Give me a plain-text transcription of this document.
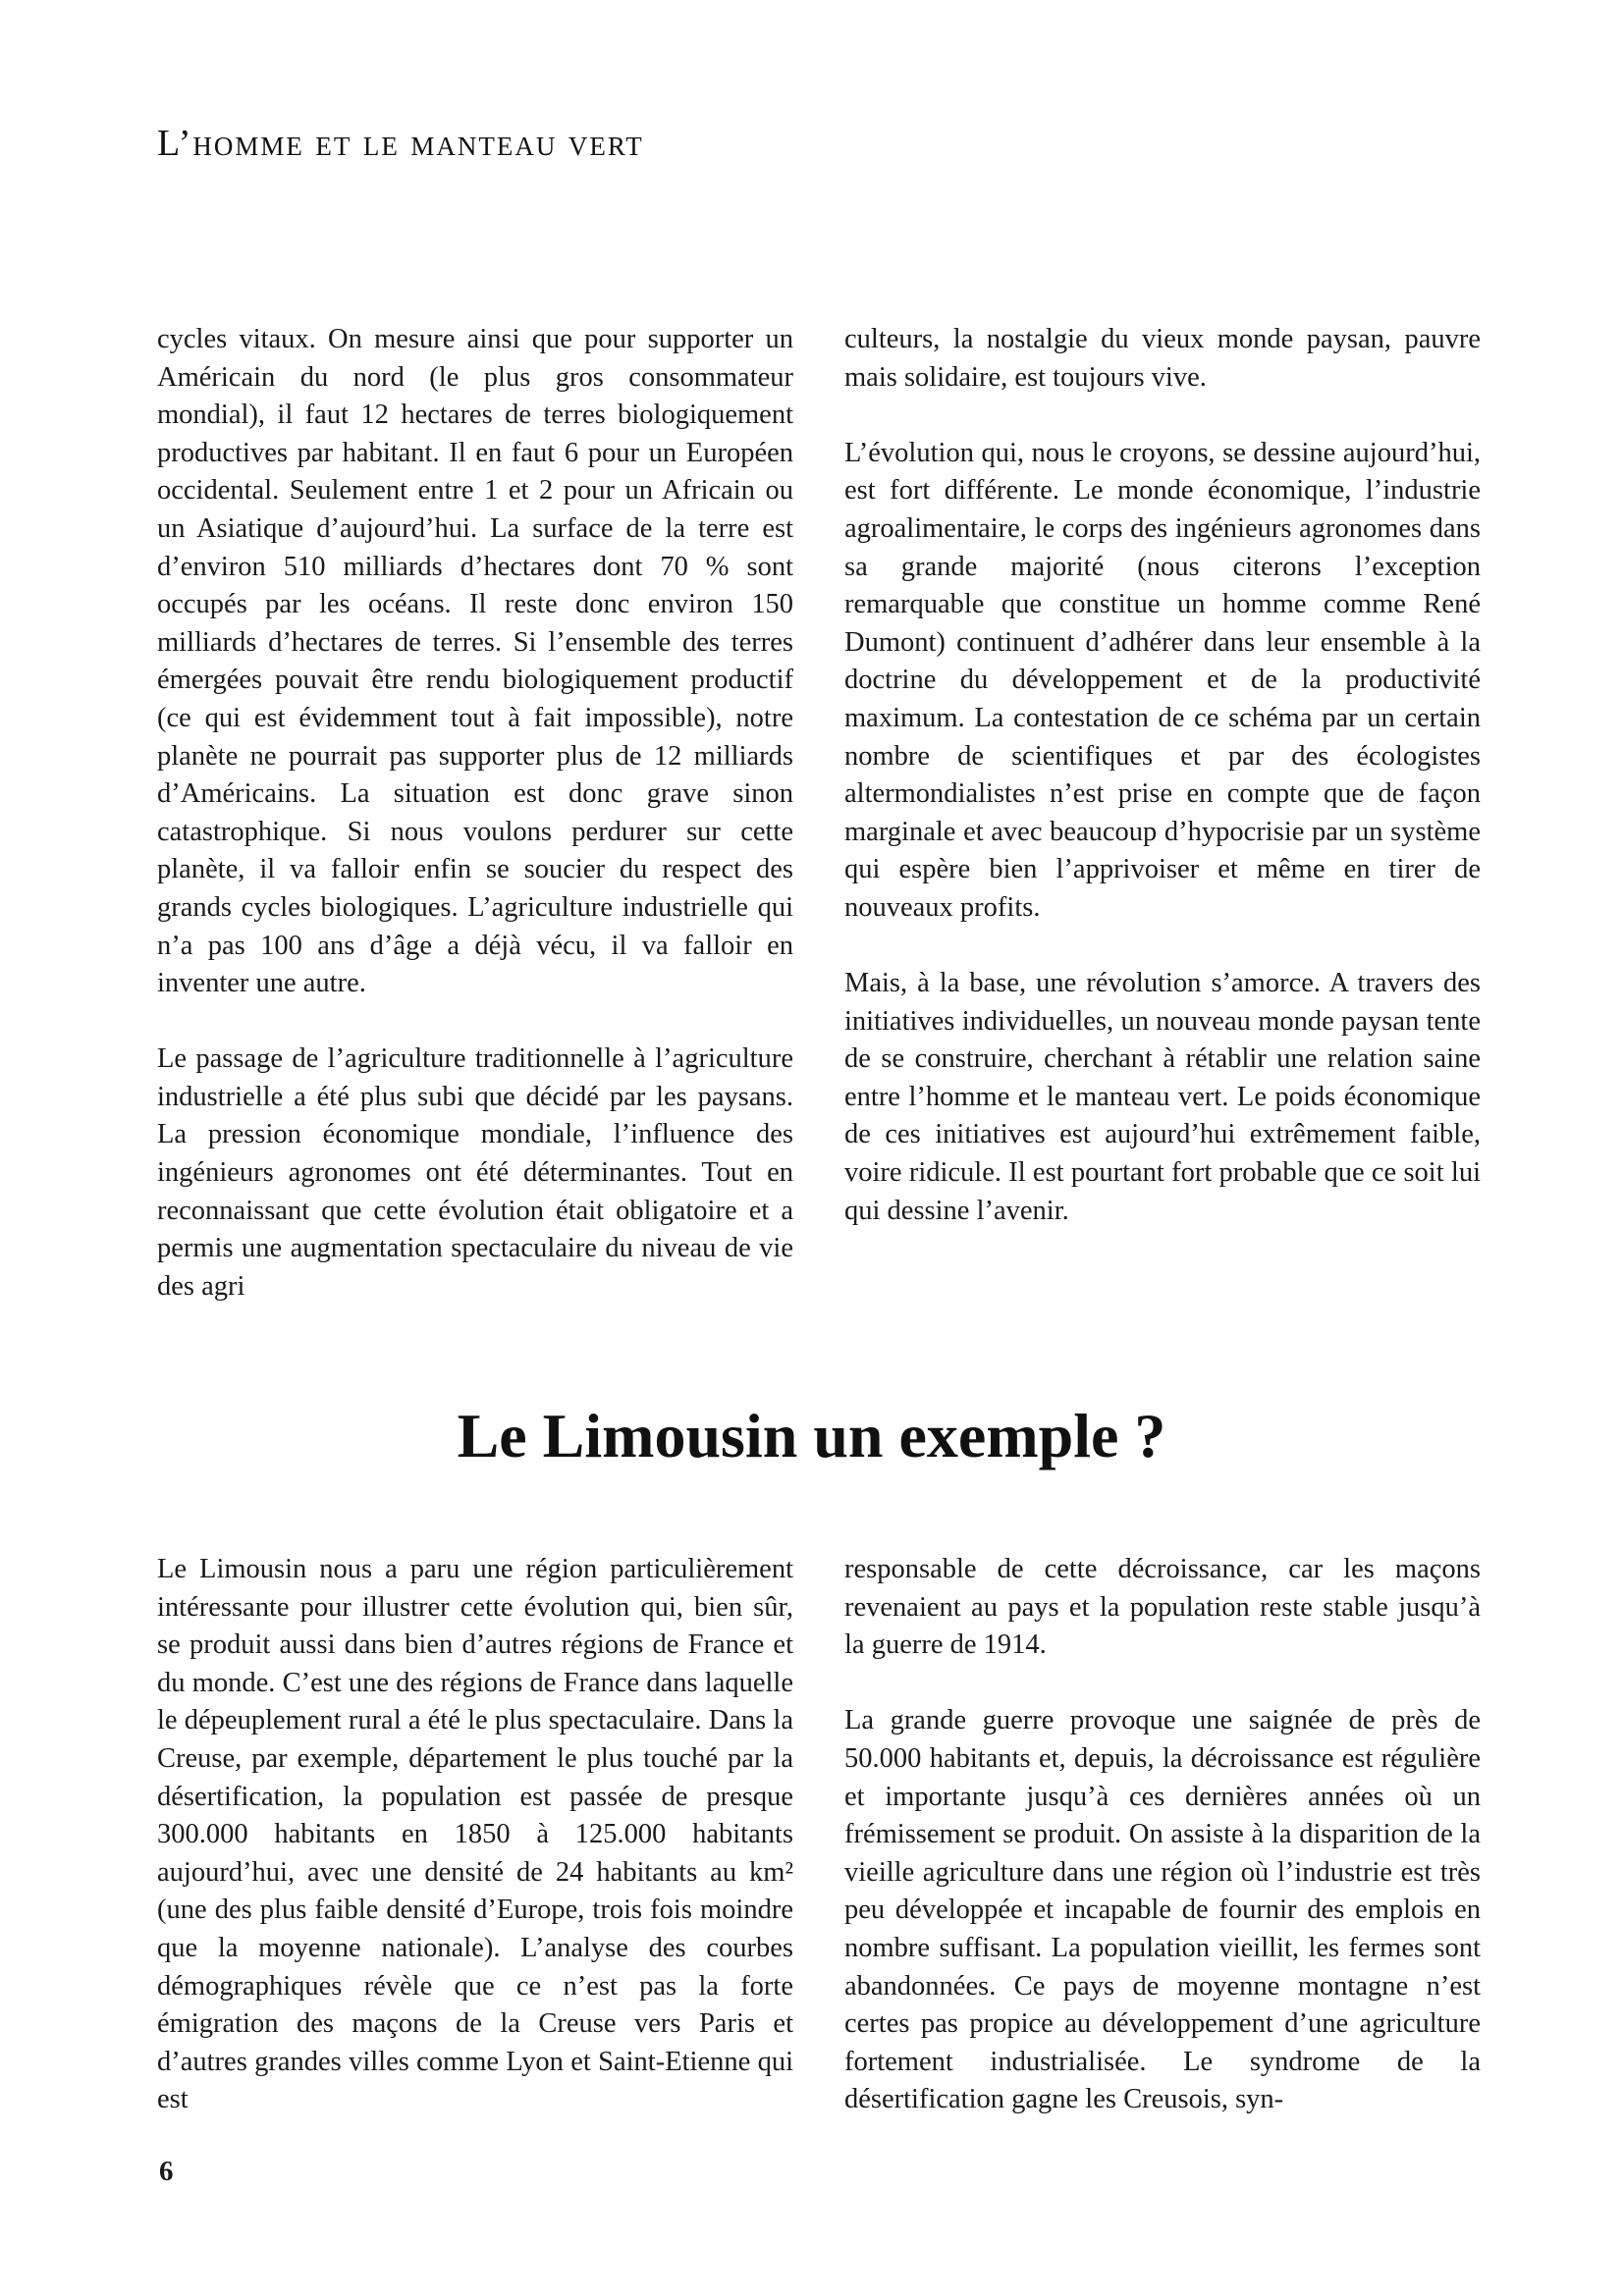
L’homme et le manteau vert

cycles vitaux. On mesure ainsi que pour supporter un Américain du nord (le plus gros consommateur mondial), il faut 12 hectares de terres biologiquement productives par habitant. Il en faut 6 pour un Européen occidental. Seulement entre 1 et 2 pour un Africain ou un Asiatique d’aujourd’hui. La surface de la terre est d’environ 510 milliards d’hectares dont 70 % sont occupés par les océans. Il reste donc environ 150 milliards d’hectares de terres. Si l’ensemble des terres émergées pouvait être rendu biologiquement productif (ce qui est évidemment tout à fait impossible), notre planète ne pourrait pas supporter plus de 12 milliards d’Américains. La situation est donc grave sinon catastrophique. Si nous voulons perdurer sur cette planète, il va falloir enfin se soucier du respect des grands cycles biologiques. L’agriculture industrielle qui n’a pas 100 ans d’âge a déjà vécu, il va falloir en inventer une autre.

Le passage de l’agriculture traditionnelle à l’agriculture industrielle a été plus subi que décidé par les paysans. La pression économique mondiale, l’influence des ingénieurs agronomes ont été déterminantes. Tout en reconnaissant que cette évolution était obligatoire et a permis une augmentation spectaculaire du niveau de vie des agri

culteurs, la nostalgie du vieux monde paysan, pauvre mais solidaire, est toujours vive.

L’évolution qui, nous le croyons, se dessine aujourd’hui, est fort différente. Le monde économique, l’industrie agroalimentaire, le corps des ingénieurs agronomes dans sa grande majorité (nous citerons l’exception remarquable que constitue un homme comme René Dumont) continuent d’adhérer dans leur ensemble à la doctrine du développement et de la productivité maximum. La contestation de ce schéma par un certain nombre de scientifiques et par des écologistes altermondialistes n’est prise en compte que de façon marginale et avec beaucoup d’hypocrisie par un système qui espère bien l’apprivoiser et même en tirer de nouveaux profits.

Mais, à la base, une révolution s’amorce. A travers des initiatives individuelles, un nouveau monde paysan tente de se construire, cherchant à rétablir une relation saine entre l’homme et le manteau vert. Le poids économique de ces initiatives est aujourd’hui extrêmement faible, voire ridicule. Il est pourtant fort probable que ce soit lui qui dessine l’avenir.

Le Limousin un exemple ?

Le Limousin nous a paru une région particulièrement intéressante pour illustrer cette évolution qui, bien sûr, se produit aussi dans bien d’autres régions de France et du monde. C’est une des régions de France dans laquelle le dépeuplement rural a été le plus spectaculaire. Dans la Creuse, par exemple, département le plus touché par la désertification, la population est passée de presque 300.000 habitants en 1850 à 125.000 habitants aujourd’hui, avec une densité de 24 habitants au km² (une des plus faible densité d’Europe, trois fois moindre que la moyenne nationale). L’analyse des courbes démographiques révèle que ce n’est pas la forte émigration des maçons de la Creuse vers Paris et d’autres grandes villes comme Lyon et Saint-Etienne qui est

responsable de cette décroissance, car les maçons revenaient au pays et la population reste stable jusqu’à la guerre de 1914.

La grande guerre provoque une saignée de près de 50.000 habitants et, depuis, la décroissance est régulière et importante jusqu’à ces dernières années où un frémissement se produit. On assiste à la disparition de la vieille agriculture dans une région où l’industrie est très peu développée et incapable de fournir des emplois en nombre suffisant. La population vieillit, les fermes sont abandonnées. Ce pays de moyenne montagne n’est certes pas propice au développement d’une agriculture fortement industrialisée. Le syndrome de la désertification gagne les Creusois, syn-

6
